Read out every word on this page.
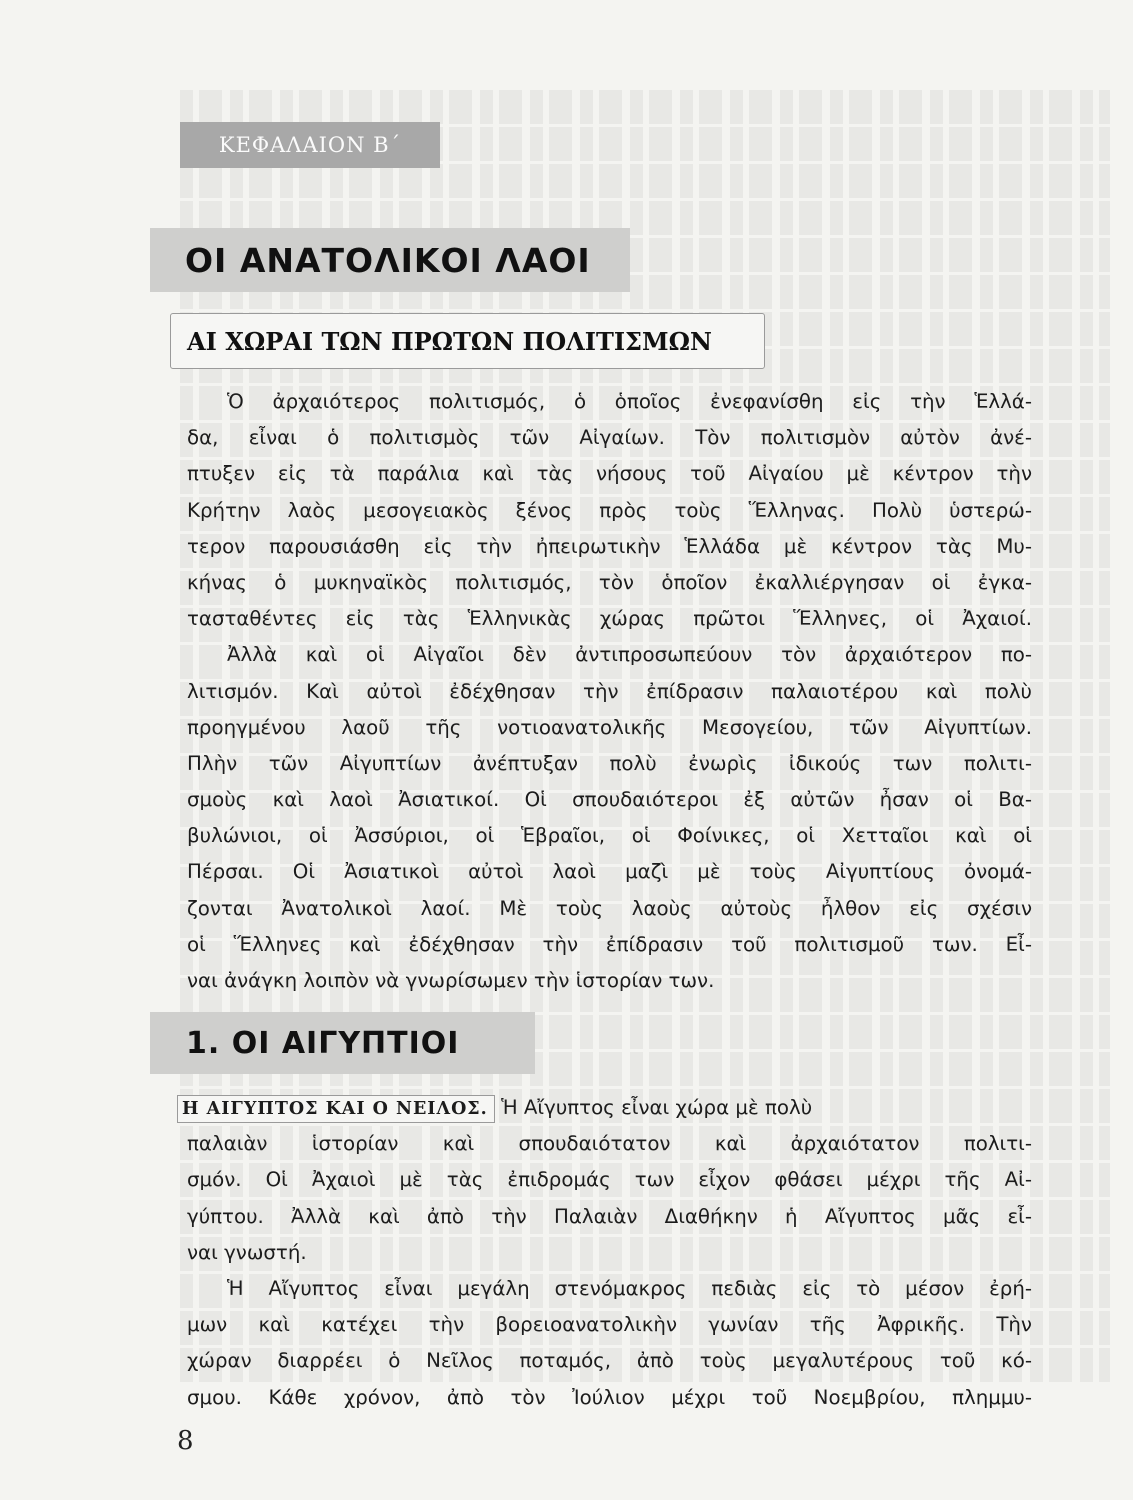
ΚΕΦΑΛΑΙΟΝ Β΄
ΟΙ ΑΝΑΤΟΛΙΚΟΙ ΛΑΟΙ
ΑΙ ΧΩΡΑΙ ΤΩΝ ΠΡΩΤΩΝ ΠΟΛΙΤΙΣΜΩΝ
Ὁ ἀρχαιότερος πολιτισμός, ὁ ὁποῖος ἐνεφανίσθη εἰς τὴν Ἑλλά-
δα, εἶναι ὁ πολιτισμὸς τῶν Αἰγαίων. Τὸν πολιτισμὸν αὐτὸν ἀνέ-
πτυξεν εἰς τὰ παράλια καὶ τὰς νήσους τοῦ Αἰγαίου μὲ κέντρον τὴν
Κρήτην λαὸς μεσογειακὸς ξένος πρὸς τοὺς Ἕλληνας. Πολὺ ὑστερώ-
τερον παρουσιάσθη εἰς τὴν ἠπειρωτικὴν Ἑλλάδα μὲ κέντρον τὰς Μυ-
κήνας ὁ μυκηναϊκὸς πολιτισμός, τὸν ὁποῖον ἐκαλλιέργησαν οἱ ἐγκα-
τασταθέντες εἰς τὰς Ἑλληνικὰς χώρας πρῶτοι Ἕλληνες, οἱ Ἀχαιοί.
Ἀλλὰ καὶ οἱ Αἰγαῖοι δὲν ἀντιπροσωπεύουν τὸν ἀρχαιότερον πο-
λιτισμόν. Καὶ αὐτοὶ ἐδέχθησαν τὴν ἐπίδρασιν παλαιοτέρου καὶ πολὺ
προηγμένου λαοῦ τῆς νοτιοανατολικῆς Μεσογείου, τῶν Αἰγυπτίων.
Πλὴν τῶν Αἰγυπτίων ἀνέπτυξαν πολὺ ἐνωρὶς ἰδικούς των πολιτι-
σμοὺς καὶ λαοὶ Ἀσιατικοί. Οἱ σπουδαιότεροι ἐξ αὐτῶν ἦσαν οἱ Βα-
βυλώνιοι, οἱ Ἀσσύριοι, οἱ Ἑβραῖοι, οἱ Φοίνικες, οἱ Χετταῖοι καὶ οἱ
Πέρσαι. Οἱ Ἀσιατικοὶ αὐτοὶ λαοὶ μαζὶ μὲ τοὺς Αἰγυπτίους ὀνομά-
ζονται Ἀνατολικοὶ λαοί. Μὲ τοὺς λαοὺς αὐτοὺς ἦλθον εἰς σχέσιν
οἱ Ἕλληνες καὶ ἐδέχθησαν τὴν ἐπίδρασιν τοῦ πολιτισμοῦ των. Εἶ-
ναι ἀνάγκη λοιπὸν νὰ γνωρίσωμεν τὴν ἱστορίαν των.
1. ΟΙ ΑΙΓΥΠΤΙΟΙ
Η ΑΙΓΥΠΤΟΣ ΚΑΙ Ο ΝΕΙΛΟΣ. Ἡ Αἴγυπτος εἶναι χώρα μὲ πολὺ
παλαιὰν ἱστορίαν καὶ σπουδαιότατον καὶ ἀρχαιότατον πολιτι-
σμόν. Οἱ Ἀχαιοὶ μὲ τὰς ἐπιδρομάς των εἶχον φθάσει μέχρι τῆς Αἰ-
γύπτου. Ἀλλὰ καὶ ἀπὸ τὴν Παλαιὰν Διαθήκην ἡ Αἴγυπτος μᾶς εἶ-
ναι γνωστή.
Ἡ Αἴγυπτος εἶναι μεγάλη στενόμακρος πεδιὰς εἰς τὸ μέσον ἐρή-
μων καὶ κατέχει τὴν βορειοανατολικὴν γωνίαν τῆς Ἀφρικῆς. Τὴν
χώραν διαρρέει ὁ Νεῖλος ποταμός, ἀπὸ τοὺς μεγαλυτέρους τοῦ κό-
σμου. Κάθε χρόνον, ἀπὸ τὸν Ἰούλιον μέχρι τοῦ Νοεμβρίου, πλημμυ-
8
